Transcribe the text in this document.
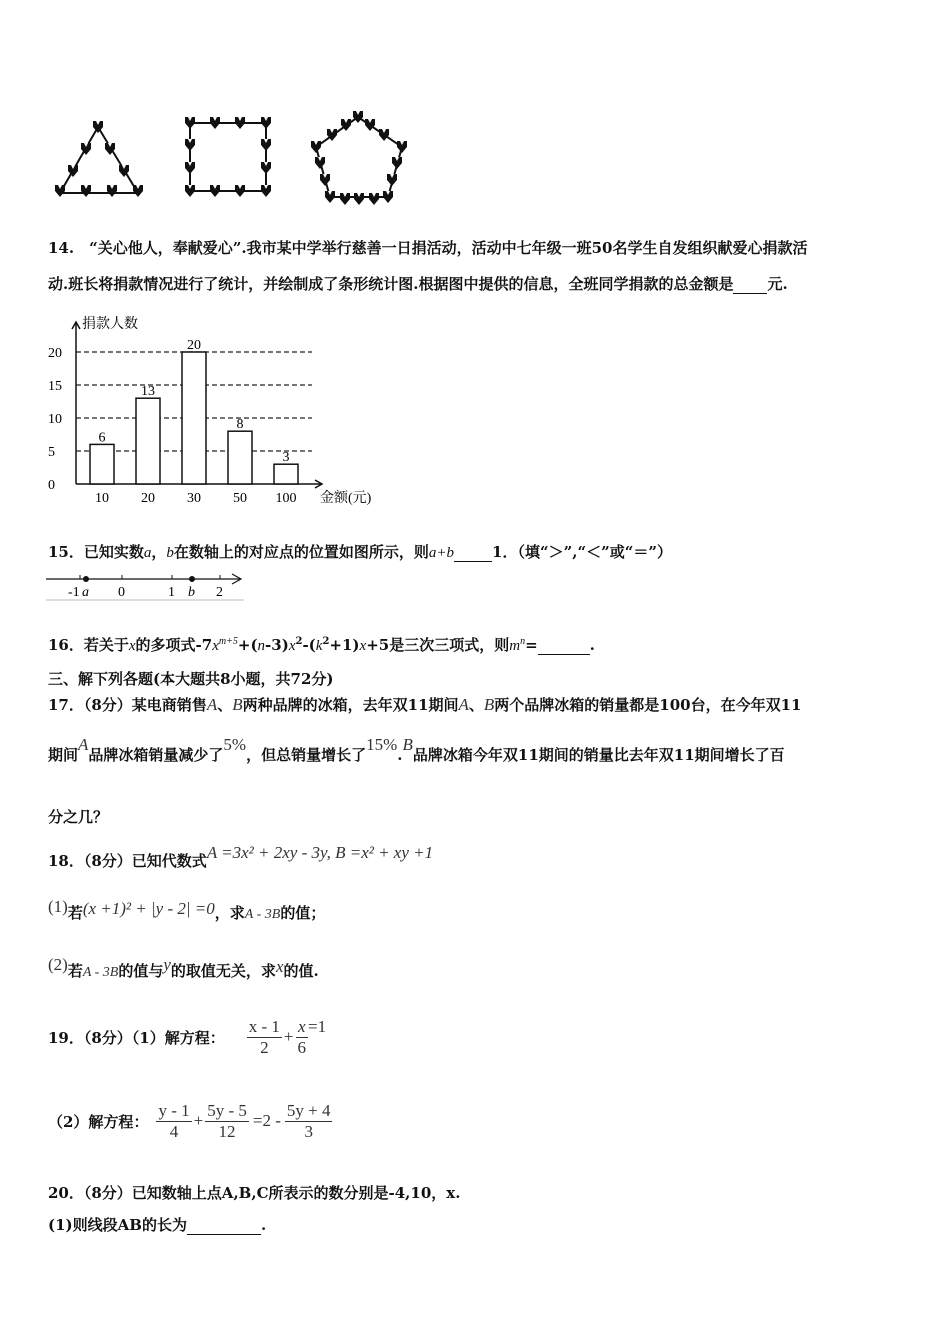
14.　“关心他人，奉献爱心”.我市某中学举行慈善一日捐活动，活动中七年级一班50名学生自发组织献爱心捐款活
动.班长将捐款情况进行了统计，并绘制成了条形统计图.根据图中提供的信息，全班同学捐款的总金额是 元.
0
5
10
15
20
6
10
13
20
20
30
8
50
3
100
捐款人数
金额(元)
15．已知实数a，b在数轴上的对应点的位置如图所示，则a+b	1．（填“＞”,“＜”或“＝”）
-1 a 0	1 b 2
16．若关于x的多项式$-7x^{m+5}+(n-3)x^2-(k^2+1)x+5$是三次三项式，则$m^n=$	.
三、解下列各题(本大题共8小题，共72分)
17．（8分）某电商销售A、B两种品牌的冰箱，去年双11期间A、B两个品牌冰箱的销量都是100台，在今年双11
期间A品牌冰箱销量减少了5%，但总销量增长了15%.B品牌冰箱今年双11期间的销量比去年双11期间增长了百
分之几？
18．（8分）已知代数式A =3x² + 2xy - 3y, B =x² + xy +1
(1)若(x +1)² + |y - 2| =0，求A - 3B的值；
(2)若A - 3B的值与y的取值无关，求x的值.
19．（8分）（1）解方程： $\frac{x - 1}{2} + \frac{x}{6} =1$
（2）解方程： $\frac{y - 1}{4} + \frac{5y - 5}{12} =2 - \frac{5y + 4}{3}$
20．（8分）已知数轴上点A,B,C所表示的数分别是-4,10，x.
(1)则线段AB的长为	.
